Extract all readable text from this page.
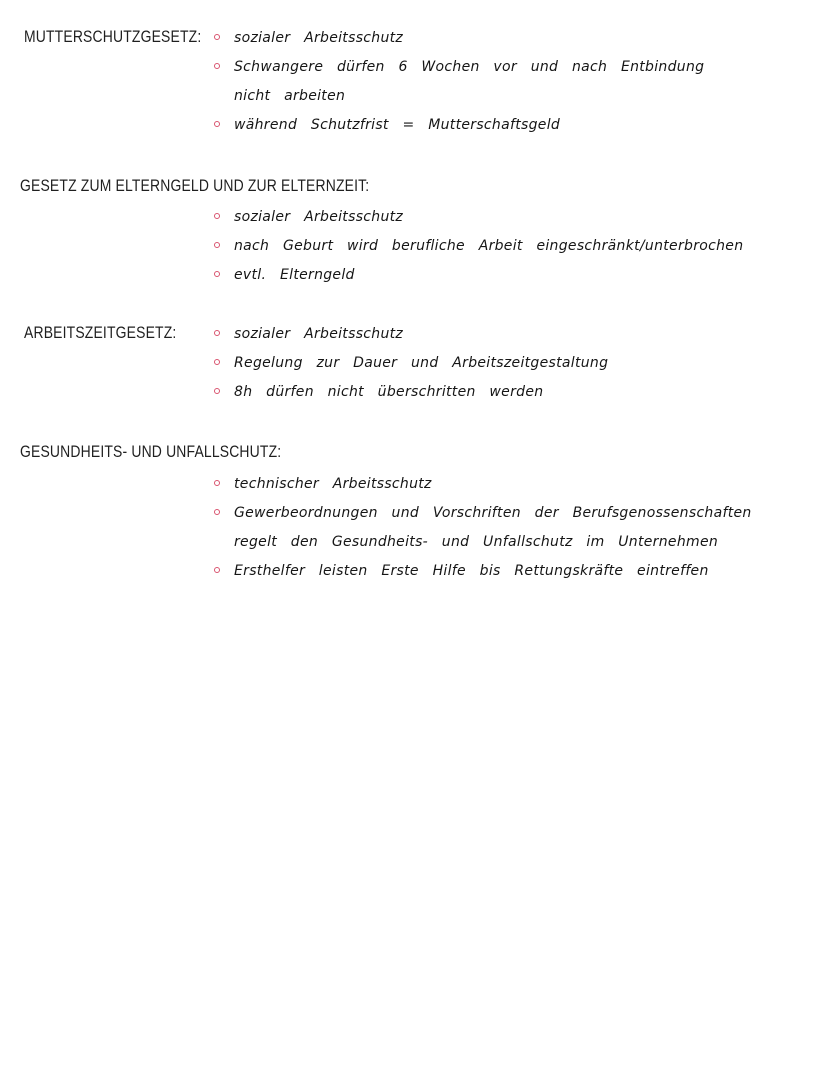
MUTTERSCHUTZGESETZ:	sozialer Arbeitsschutz
Schwangere dürfen 6 Wochen vor und nach Entbindung nicht arbeiten
während Schutzfrist = Mutterschaftsgeld
GESETZ ZUM ELTERNGELD UND ZUR ELTERNZEIT:
sozialer Arbeitsschutz
nach Geburt wird berufliche Arbeit eingeschränkt/unterbrochen
evtl. Elterngeld
ARBEITSZEITGESETZ:	sozialer Arbeitsschutz
Regelung zur Dauer und Arbeitszeitgestaltung
8h dürfen nicht überschritten werden
GESUNDHEITS- UND UNFALLSCHUTZ:
technischer Arbeitsschutz
Gewerbeordnungen und Vorschriften der Berufsgenossenschaften regelt den Gesundheits- und Unfallschutz im Unternehmen
Ersthelfer leisten Erste Hilfe bis Rettungskräfte eintreffen
